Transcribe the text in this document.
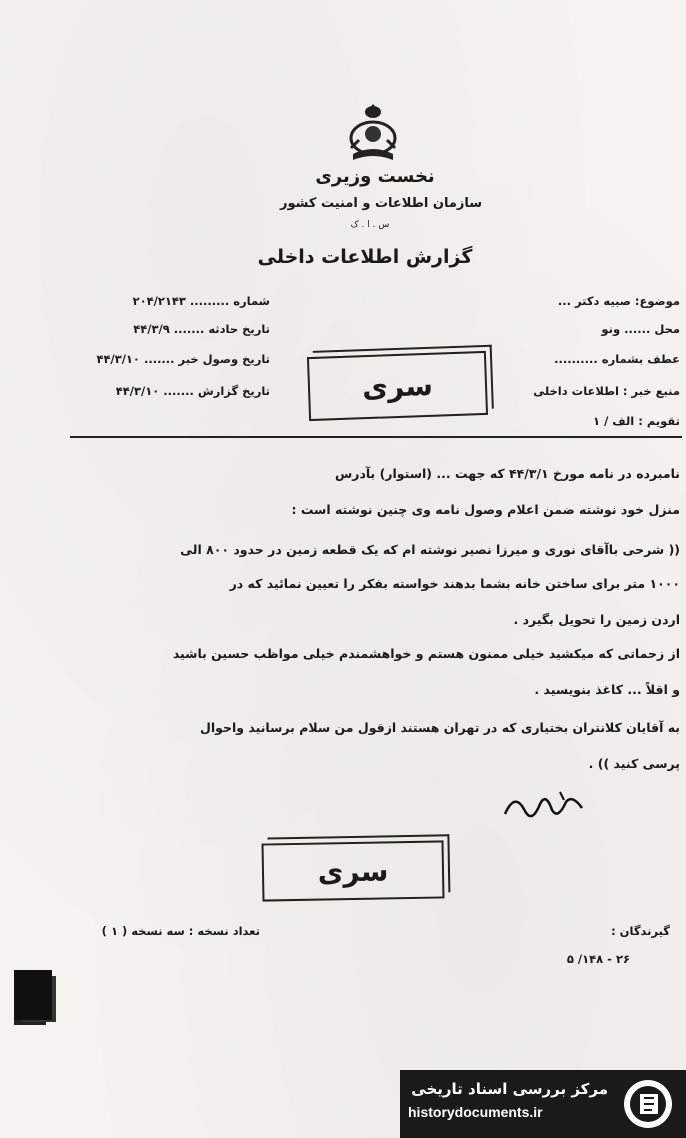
نخست وزیری
سازمان اطلاعات و امنیت کشور
س . ا . ک
گزارش اطلاعات داخلی
شماره ......... ۲۰۴/۲۱۴۳
تاریخ حادثه ....... ۴۴/۳/۹
تاریخ وصول خبر ....... ۴۴/۳/۱۰
تاریخ گزارش ....... ۴۴/۳/۱۰
موضوع: صبیه دکتر ...
محل ...... ونو
عطف بشماره ..........
منبع خبر : اطلاعات داخلی
تقویم : الف / ۱
سری
نامبرده در نامه مورخ ۴۴/۳/۱ که جهت ... (استوار) بآدرس
منزل خود نوشته ضمن اعلام وصول نامه وی چنین نوشته است :
(( شرحی باآقای نوری و میرزا نصیر نوشته ام که یک قطعه زمین در حدود ۸۰۰ الی
۱۰۰۰ متر برای ساختن خانه بشما بدهند خواسته بفکر را تعیین نمائید که در
اردن زمین را تحویل بگیرد .
از زحماتی که میکشید خیلی ممنون هستم و خواهشمندم خیلی مواظب حسین باشید
و اقلاً ... کاغذ بنویسید .
به آقایان کلانتران بختیاری که در تهران هستند ازقول من سلام برسانید واحوال
پرسی کنید )) .
سری
تعداد نسخه : سه نسخه ( ۱ )	گیرندگان :
۲۶ - ۱۴۸/ ۵
مرکز بررسی اسناد تاریخی
historydocuments.ir
